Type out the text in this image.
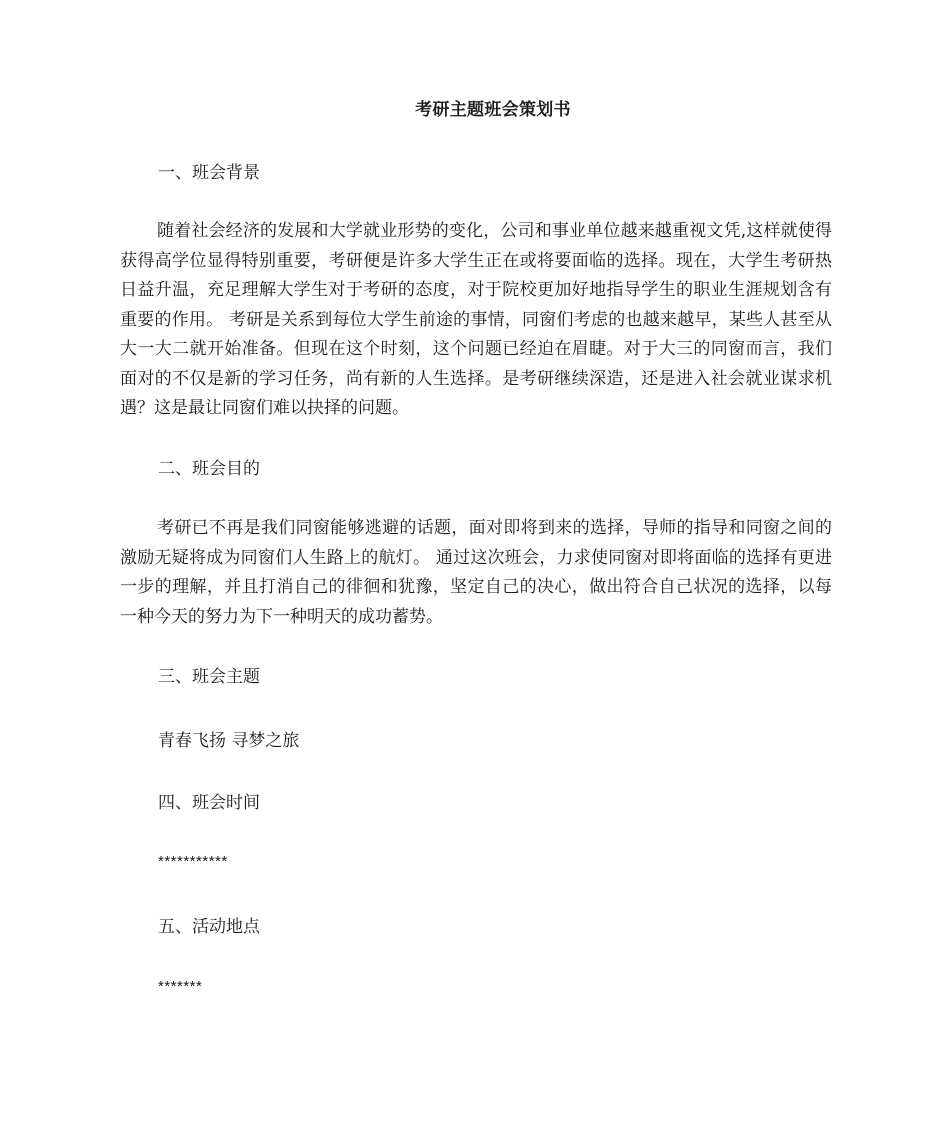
考研主题班会策划书
一、班会背景

随着社会经济的发展和大学就业形势的变化，公司和事业单位越来越重视文凭,这样就使得获得高学位显得特别重要，考研便是许多大学生正在或将要面临的选择。现在，大学生考研热日益升温，充足理解大学生对于考研的态度，对于院校更加好地指导学生的职业生涯规划含有重要的作用。 考研是关系到每位大学生前途的事情，同窗们考虑的也越来越早，某些人甚至从大一大二就开始准备。但现在这个时刻，这个问题已经迫在眉睫。对于大三的同窗而言，我们面对的不仅是新的学习任务，尚有新的人生选择。是考研继续深造，还是进入社会就业谋求机遇？这是最让同窗们难以抉择的问题。

二、班会目的

考研已不再是我们同窗能够逃避的话题，面对即将到来的选择，导师的指导和同窗之间的激励无疑将成为同窗们人生路上的航灯。 通过这次班会，力求使同窗对即将面临的选择有更进一步的理解，并且打消自己的徘徊和犹豫，坚定自己的决心，做出符合自己状况的选择，以每一种今天的努力为下一种明天的成功蓄势。

三、班会主题
青春飞扬 寻梦之旅
四、班会时间
***********
五、活动地点
*******
